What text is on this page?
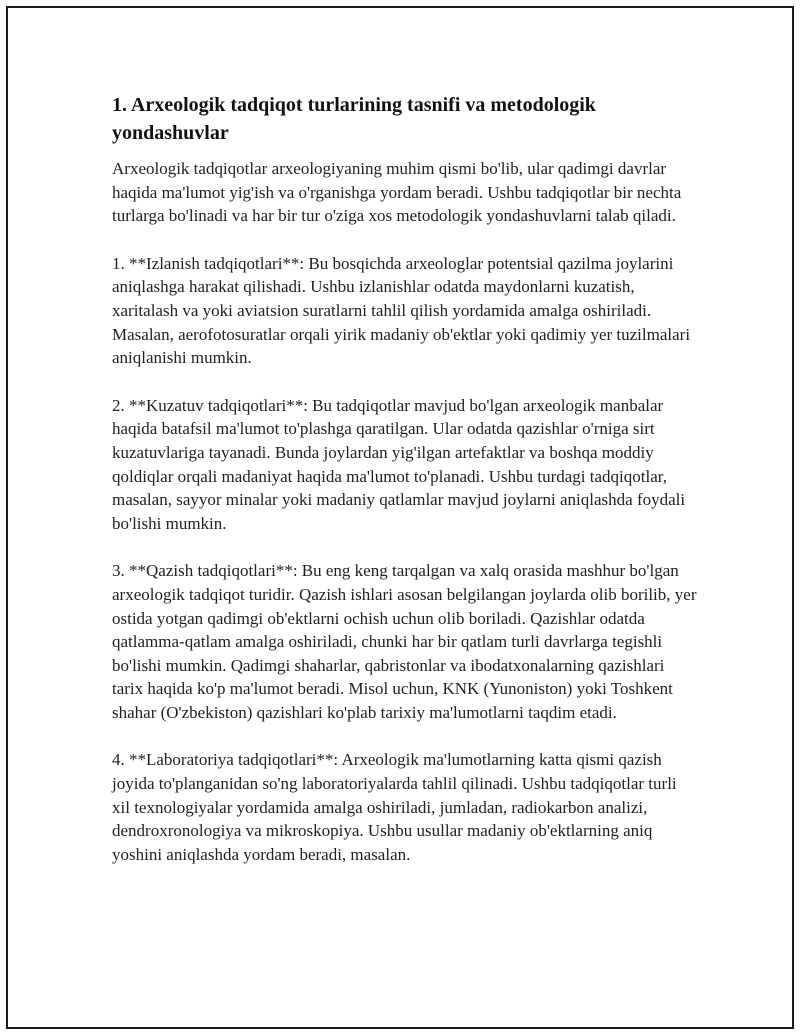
1. Arxeologik tadqiqot turlarining tasnifi va metodologik yondashuvlar

Arxeologik tadqiqotlar arxeologiyaning muhim qismi bo'lib, ular qadimgi davrlar haqida ma'lumot yig'ish va o'rganishga yordam beradi. Ushbu tadqiqotlar bir nechta turlarga bo'linadi va har bir tur o'ziga xos metodologik yondashuvlarni talab qiladi.

1. **Izlanish tadqiqotlari**: Bu bosqichda arxeologlar potentsial qazilma joylarini aniqlashga harakat qilishadi. Ushbu izlanishlar odatda maydonlarni kuzatish, xaritalash va yoki aviatsion suratlarni tahlil qilish yordamida amalga oshiriladi. Masalan, aerofotosuratlar orqali yirik madaniy ob'ektlar yoki qadimiy yer tuzilmalari aniqlanishi mumkin.

2. **Kuzatuv tadqiqotlari**: Bu tadqiqotlar mavjud bo'lgan arxeologik manbalar haqida batafsil ma'lumot to'plashga qaratilgan. Ular odatda qazishlar o'rniga sirt kuzatuvlariga tayanadi. Bunda joylardan yig'ilgan artefaktlar va boshqa moddiy qoldiqlar orqali madaniyat haqida ma'lumot to'planadi. Ushbu turdagi tadqiqotlar, masalan, sayyor minalar yoki madaniy qatlamlar mavjud joylarni aniqlashda foydali bo'lishi mumkin.

3. **Qazish tadqiqotlari**: Bu eng keng tarqalgan va xalq orasida mashhur bo'lgan arxeologik tadqiqot turidir. Qazish ishlari asosan belgilangan joylarda olib borilib, yer ostida yotgan qadimgi ob'ektlarni ochish uchun olib boriladi. Qazishlar odatda qatlamma-qatlam amalga oshiriladi, chunki har bir qatlam turli davrlarga tegishli bo'lishi mumkin. Qadimgi shaharlar, qabristonlar va ibodatxonalarning qazishlari tarix haqida ko'p ma'lumot beradi. Misol uchun, KNK (Yunoniston) yoki Toshkent shahar (O'zbekiston) qazishlari ko'plab tarixiy ma'lumotlarni taqdim etadi.

4. **Laboratoriya tadqiqotlari**: Arxeologik ma'lumotlarning katta qismi qazish joyida to'planganidan so'ng laboratoriyalarda tahlil qilinadi. Ushbu tadqiqotlar turli xil texnologiyalar yordamida amalga oshiriladi, jumladan, radiokarbon analizi, dendroxronologiya va mikroskopiya. Ushbu usullar madaniy ob'ektlarning aniq yoshini aniqlashda yordam beradi, masalan.
